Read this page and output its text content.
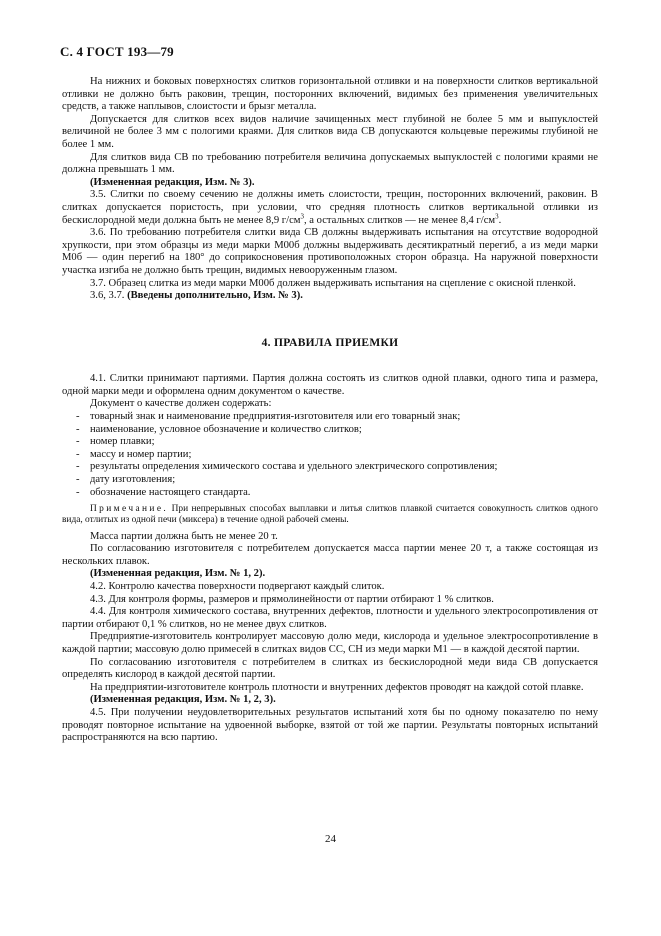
С. 4 ГОСТ 193—79

На нижних и боковых поверхностях слитков горизонтальной отливки и на поверхности слитков вертикальной отливки не должно быть раковин, трещин, посторонних включений, видимых без применения увеличительных средств, а также наплывов, слоистости и брызг металла.

Допускается для слитков всех видов наличие зачищенных мест глубиной не более 5 мм и выпуклостей величиной не более 3 мм с пологими краями. Для слитков вида СВ допускаются кольцевые пережимы глубиной не более 1 мм.

Для слитков вида СВ по требованию потребителя величина допускаемых выпуклостей с пологими краями не должна превышать 1 мм.

(Измененная редакция, Изм. № 3).

3.5. Слитки по своему сечению не должны иметь слоистости, трещин, посторонних включений, раковин. В слитках допускается пористость, при условии, что средняя плотность слитков вертикальной отливки из бескислородной меди должна быть не менее 8,9 $г/см^3$, а остальных слитков — не менее 8,4 $г/см^3$.

3.6. По требованию потребителя слитки вида СВ должны выдерживать испытания на отсутствие водородной хрупкости, при этом образцы из меди марки М00б должны выдерживать десятикратный перегиб, а из меди марки М0б — один перегиб на 180° до соприкосновения противоположных сторон образца. На наружной поверхности участка изгиба не должно быть трещин, видимых невооруженным глазом.

3.7. Образец слитка из меди марки М00б должен выдерживать испытания на сцепление с окисной пленкой.

3.6, 3.7. (Введены дополнительно, Изм. № 3).

4. ПРАВИЛА ПРИЕМКИ

4.1. Слитки принимают партиями. Партия должна состоять из слитков одной плавки, одного типа и размера, одной марки меди и оформлена одним документом о качестве.

Документ о качестве должен содержать:

- товарный знак и наименование предприятия-изготовителя или его товарный знак;
- наименование, условное обозначение и количество слитков;
- номер плавки;
- массу и номер партии;
- результаты определения химического состава и удельного электрического сопротивления;
- дату изготовления;
- обозначение настоящего стандарта.

Примечание. При непрерывных способах выплавки и литья слитков плавкой считается совокупность слитков одного вида, отлитых из одной печи (миксера) в течение одной рабочей смены.

Масса партии должна быть не менее 20 т.

По согласованию изготовителя с потребителем допускается масса партии менее 20 т, а также состоящая из нескольких плавок.

(Измененная редакция, Изм. № 1, 2).

4.2. Контролю качества поверхности подвергают каждый слиток.

4.3. Для контроля формы, размеров и прямолинейности от партии отбирают 1 % слитков.

4.4. Для контроля химического состава, внутренних дефектов, плотности и удельного электросопротивления от партии отбирают 0,1 % слитков, но не менее двух слитков.

Предприятие-изготовитель контролирует массовую долю меди, кислорода и удельное электросопротивление в каждой партии; массовую долю примесей в слитках видов СС, СН из меди марки М1 — в каждой десятой партии.

По согласованию изготовителя с потребителем в слитках из бескислородной меди вида СВ допускается определять кислород в каждой десятой партии.

На предприятии-изготовителе контроль плотности и внутренних дефектов проводят на каждой сотой плавке.

(Измененная редакция, Изм. № 1, 2, 3).

4.5. При получении неудовлетворительных результатов испытаний хотя бы по одному показателю по нему проводят повторное испытание на удвоенной выборке, взятой от той же партии. Результаты повторных испытаний распространяются на всю партию.

24
